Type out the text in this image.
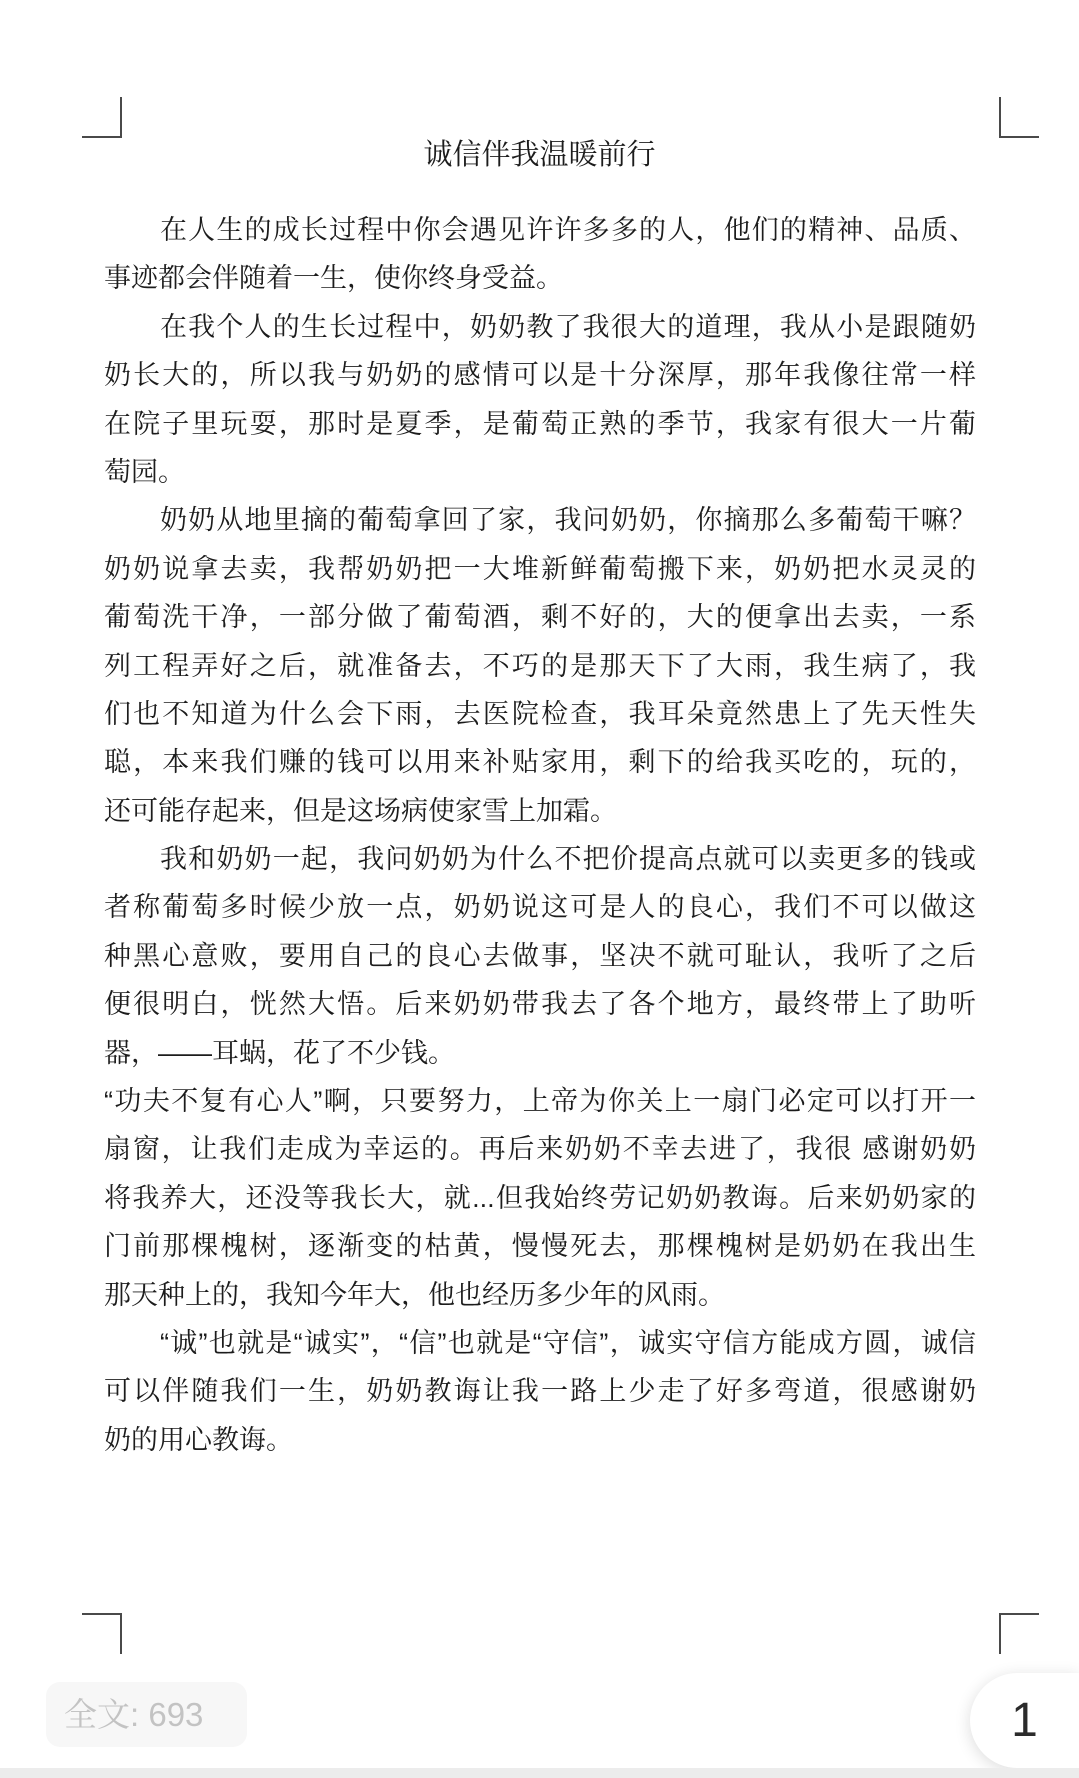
诚信伴我温暖前行
在人生的成长过程中你会遇见许许多多的人，他们的精神、品质、
事迹都会伴随着一生，使你终身受益。
在我个人的生长过程中，奶奶教了我很大的道理，我从小是跟随奶
奶长大的，所以我与奶奶的感情可以是十分深厚，那年我像往常一样
在院子里玩耍，那时是夏季，是葡萄正熟的季节，我家有很大一片葡
萄园。
奶奶从地里摘的葡萄拿回了家，我问奶奶，你摘那么多葡萄干嘛？
奶奶说拿去卖，我帮奶奶把一大堆新鲜葡萄搬下来，奶奶把水灵灵的
葡萄洗干净，一部分做了葡萄酒，剩不好的，大的便拿出去卖，一系
列工程弄好之后，就准备去，不巧的是那天下了大雨，我生病了，我
们也不知道为什么会下雨，去医院检查，我耳朵竟然患上了先天性失
聪，本来我们赚的钱可以用来补贴家用，剩下的给我买吃的，玩的，
还可能存起来，但是这场病使家雪上加霜。
我和奶奶一起，我问奶奶为什么不把价提高点就可以卖更多的钱或
者称葡萄多时候少放一点，奶奶说这可是人的良心，我们不可以做这
种黑心意败，要用自己的良心去做事，坚决不就可耻认，我听了之后
便很明白，恍然大悟。后来奶奶带我去了各个地方，最终带上了助听
器，——耳蜗，花了不少钱。
“功夫不复有心人”啊，只要努力，上帝为你关上一扇门必定可以打开一
扇窗，让我们走成为幸运的。再后来奶奶不幸去进了，我很 感谢奶奶
将我养大，还没等我长大，就...但我始终劳记奶奶教诲。后来奶奶家的
门前那棵槐树，逐渐变的枯黄，慢慢死去，那棵槐树是奶奶在我出生
那天种上的，我知今年大，他也经历多少年的风雨。
“诚”也就是“诚实”，“信”也就是“守信”，诚实守信方能成方圆，诚信
可以伴随我们一生，奶奶教诲让我一路上少走了好多弯道，很感谢奶
奶的用心教诲。
全文: 693	1
